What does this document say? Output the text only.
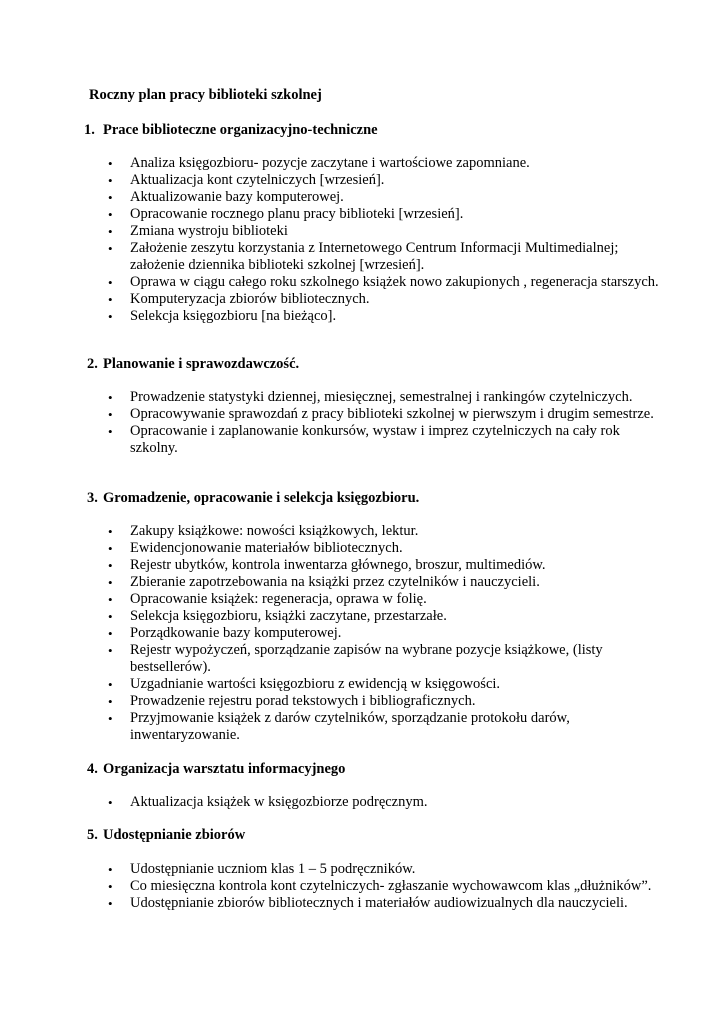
Roczny plan pracy biblioteki szkolnej
1. Prace biblioteczne organizacyjno-techniczne
• Analiza księgozbioru- pozycje zaczytane i wartościowe zapomniane.
• Aktualizacja kont czytelniczych [wrzesień].
• Aktualizowanie bazy komputerowej.
• Opracowanie rocznego planu pracy biblioteki [wrzesień].
• Zmiana wystroju biblioteki
• Założenie zeszytu korzystania z Internetowego Centrum Informacji Multimedialnej; założenie dziennika biblioteki szkolnej [wrzesień].
• Oprawa w ciągu całego roku szkolnego książek nowo zakupionych , regeneracja starszych.
• Komputeryzacja zbiorów bibliotecznych.
• Selekcja księgozbioru [na bieżąco].
2. Planowanie i sprawozdawczość.
• Prowadzenie statystyki dziennej, miesięcznej, semestralnej i rankingów czytelniczych.
• Opracowywanie sprawozdań z pracy biblioteki szkolnej w pierwszym i drugim semestrze.
• Opracowanie i zaplanowanie konkursów, wystaw i imprez czytelniczych na cały rok szkolny.
3. Gromadzenie, opracowanie i selekcja księgozbioru.
• Zakupy książkowe: nowości książkowych, lektur.
• Ewidencjonowanie materiałów bibliotecznych.
• Rejestr ubytków, kontrola inwentarza głównego, broszur, multimediów.
• Zbieranie zapotrzebowania na książki przez czytelników i nauczycieli.
• Opracowanie książek: regeneracja, oprawa w folię.
• Selekcja księgozbioru, książki zaczytane, przestarzałe.
• Porządkowanie bazy komputerowej.
• Rejestr wypożyczeń, sporządzanie zapisów na wybrane pozycje książkowe, (listy bestsellerów).
• Uzgadnianie wartości księgozbioru z ewidencją w księgowości.
• Prowadzenie rejestru porad tekstowych i bibliograficznych.
• Przyjmowanie książek z darów czytelników, sporządzanie protokołu darów, inwentaryzowanie.
4. Organizacja warsztatu informacyjnego
• Aktualizacja książek w księgozbiorze podręcznym.
5. Udostępnianie zbiorów
• Udostępnianie uczniom klas 1 – 5 podręczników.
• Co miesięczna kontrola kont czytelniczych- zgłaszanie wychowawcom klas „dłużników”.
• Udostępnianie zbiorów bibliotecznych i materiałów audiowizualnych dla nauczycieli.
